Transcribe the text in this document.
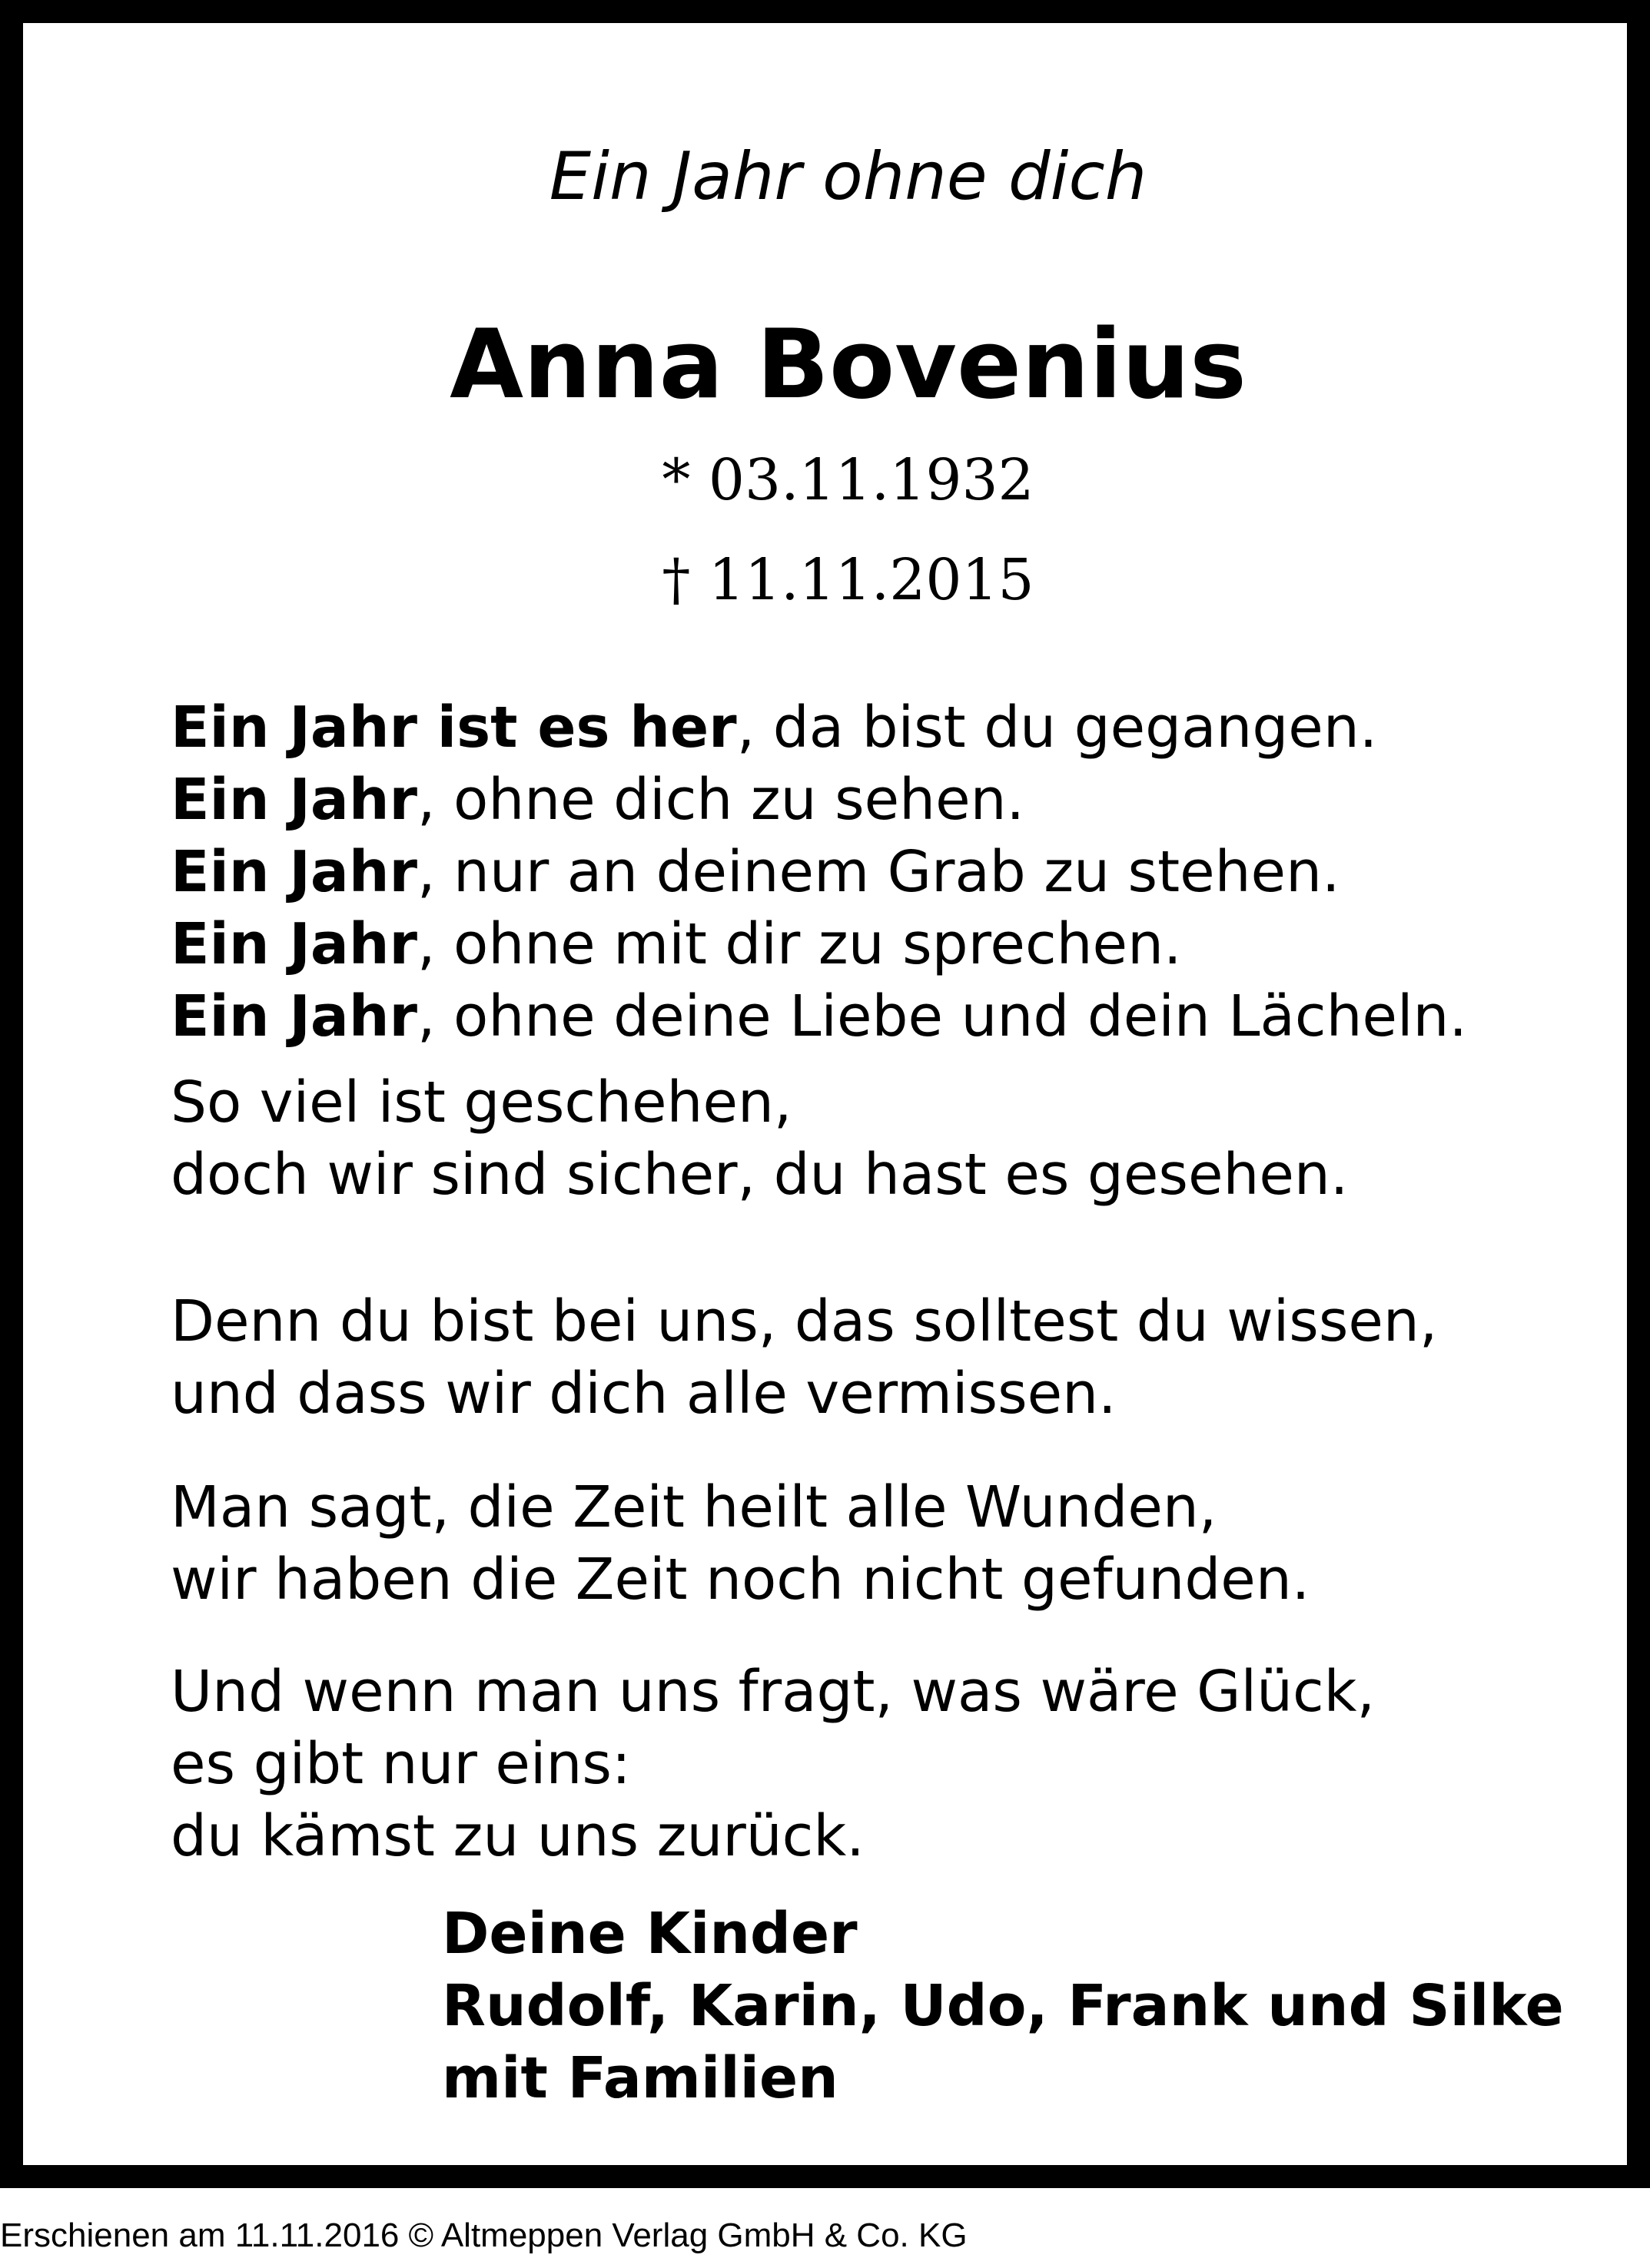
Ein Jahr ohne dich
Anna Bovenius
* 03.11.1932
† 11.11.2015
Ein Jahr ist es her, da bist du gegangen.
Ein Jahr, ohne dich zu sehen.
Ein Jahr, nur an deinem Grab zu stehen.
Ein Jahr, ohne mit dir zu sprechen.
Ein Jahr, ohne deine Liebe und dein Lächeln.
So viel ist geschehen,
doch wir sind sicher, du hast es gesehen.
Denn du bist bei uns, das solltest du wissen,
und dass wir dich alle vermissen.
Man sagt, die Zeit heilt alle Wunden,
wir haben die Zeit noch nicht gefunden.
Und wenn man uns fragt, was wäre Glück,
es gibt nur eins:
du kämst zu uns zurück.
Deine Kinder
Rudolf, Karin, Udo, Frank und Silke
mit Familien
Erschienen am 11.11.2016 © Altmeppen Verlag GmbH & Co. KG
